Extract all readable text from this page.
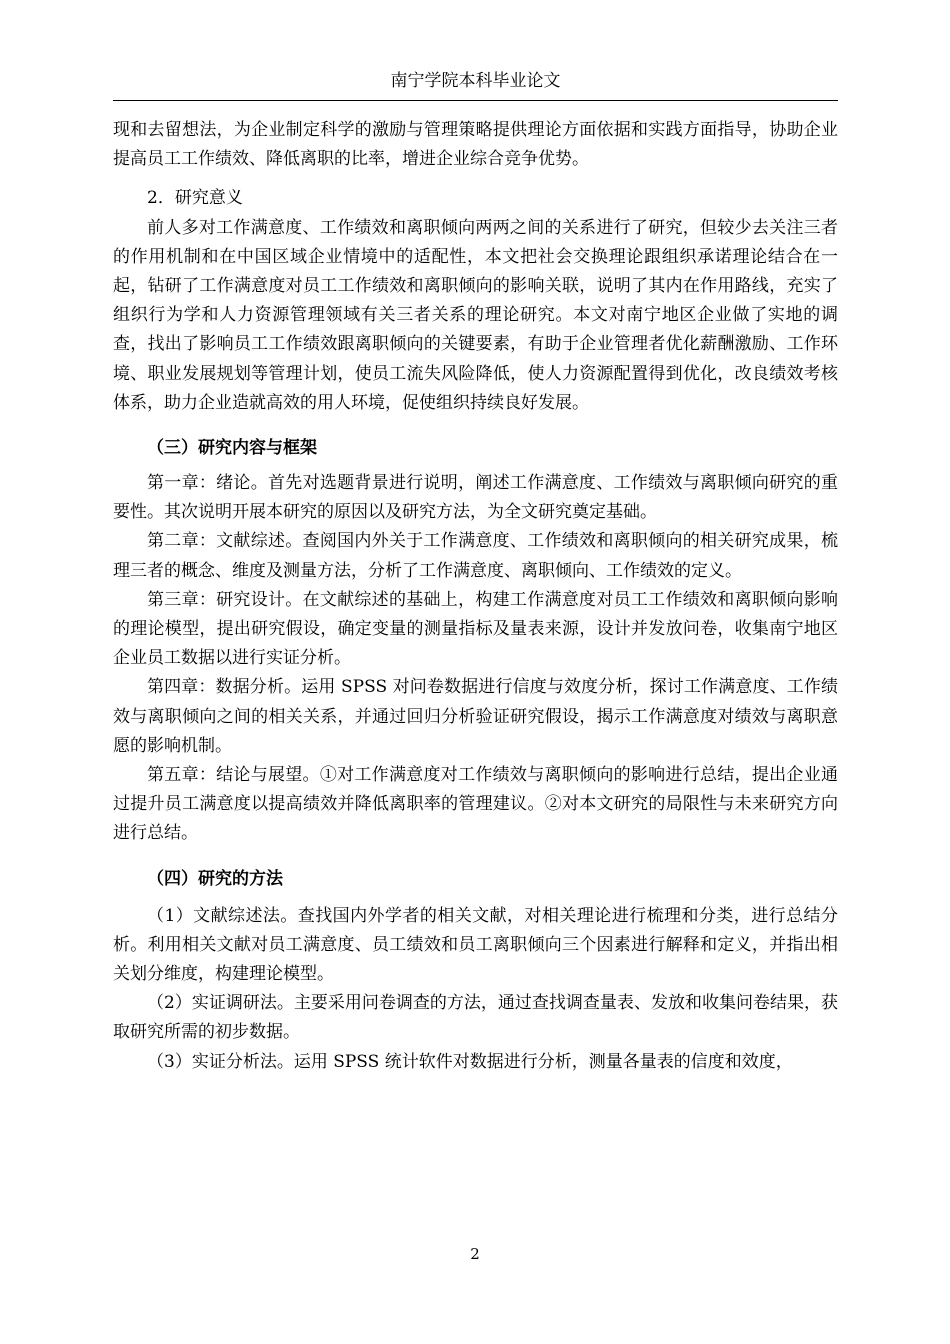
南宁学院本科毕业论文

现和去留想法，为企业制定科学的激励与管理策略提供理论方面依据和实践方面指导，协助企业提高员工工作绩效、降低离职的比率，增进企业综合竞争优势。

2．研究意义

前人多对工作满意度、工作绩效和离职倾向两两之间的关系进行了研究，但较少去关注三者的作用机制和在中国区域企业情境中的适配性，本文把社会交换理论跟组织承诺理论结合在一起，钻研了工作满意度对员工工作绩效和离职倾向的影响关联，说明了其内在作用路线，充实了组织行为学和人力资源管理领域有关三者关系的理论研究。本文对南宁地区企业做了实地的调查，找出了影响员工工作绩效跟离职倾向的关键要素，有助于企业管理者优化薪酬激励、工作环境、职业发展规划等管理计划，使员工流失风险降低，使人力资源配置得到优化，改良绩效考核体系，助力企业造就高效的用人环境，促使组织持续良好发展。

（三）研究内容与框架

第一章：绪论。首先对选题背景进行说明，阐述工作满意度、工作绩效与离职倾向研究的重要性。其次说明开展本研究的原因以及研究方法，为全文研究奠定基础。

第二章：文献综述。查阅国内外关于工作满意度、工作绩效和离职倾向的相关研究成果，梳理三者的概念、维度及测量方法，分析了工作满意度、离职倾向、工作绩效的定义。

第三章：研究设计。在文献综述的基础上，构建工作满意度对员工工作绩效和离职倾向影响的理论模型，提出研究假设，确定变量的测量指标及量表来源，设计并发放问卷，收集南宁地区企业员工数据以进行实证分析。

第四章：数据分析。运用 SPSS 对问卷数据进行信度与效度分析，探讨工作满意度、工作绩效与离职倾向之间的相关关系，并通过回归分析验证研究假设，揭示工作满意度对绩效与离职意愿的影响机制。

第五章：结论与展望。①对工作满意度对工作绩效与离职倾向的影响进行总结，提出企业通过提升员工满意度以提高绩效并降低离职率的管理建议。②对本文研究的局限性与未来研究方向进行总结。

（四）研究的方法

（1）文献综述法。查找国内外学者的相关文献，对相关理论进行梳理和分类，进行总结分析。利用相关文献对员工满意度、员工绩效和员工离职倾向三个因素进行解释和定义，并指出相关划分维度，构建理论模型。

（2）实证调研法。主要采用问卷调查的方法，通过查找调查量表、发放和收集问卷结果，获取研究所需的初步数据。

（3）实证分析法。运用 SPSS 统计软件对数据进行分析，测量各量表的信度和效度，

2
